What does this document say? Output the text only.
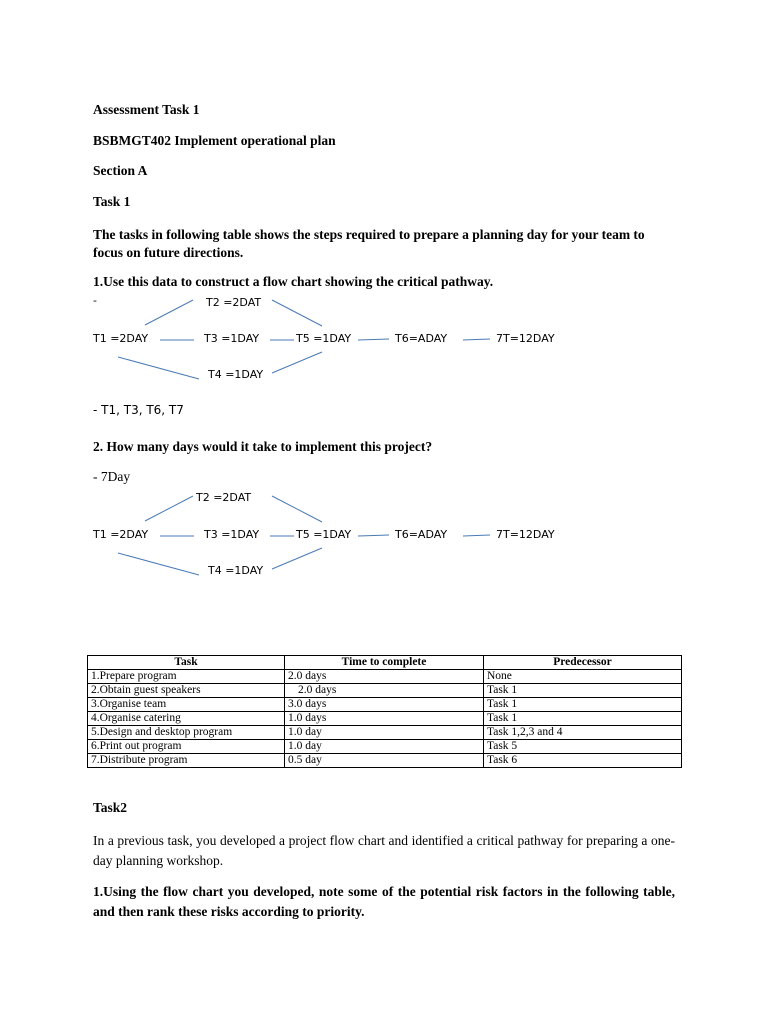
Assessment Task 1
BSBMGT402 Implement operational plan
Section A
Task 1
The tasks in following table shows the steps required to prepare a planning day for your team to focus on future directions.
1.Use this data to construct a flow chart showing the critical pathway.
-	T2 =2DAT
T1 =2DAY	T3 =1DAY	T5 =1DAY	T6=ADAY	7T=12DAY
T4 =1DAY
- T1, T3, T6, T7
2. How many days would it take to implement this project?
- 7Day
T2 =2DAT
T1 =2DAY	T3 =1DAY	T5 =1DAY	T6=ADAY	7T=12DAY
T4 =1DAY
Task	Time to complete	Predecessor
1.Prepare program	2.0 days	None
2.Obtain guest speakers	2.0 days	Task 1
3.Organise team	3.0 days	Task 1
4.Organise catering	1.0 days	Task 1
5.Design and desktop program	1.0 day	Task 1,2,3 and 4
6.Print out program	1.0 day	Task 5
7.Distribute program	0.5 day	Task 6
Task2
In a previous task, you developed a project flow chart and identified a critical pathway for preparing a one-day planning workshop.
1.Using the flow chart you developed, note some of the potential risk factors in the following table, and then rank these risks according to priority.
